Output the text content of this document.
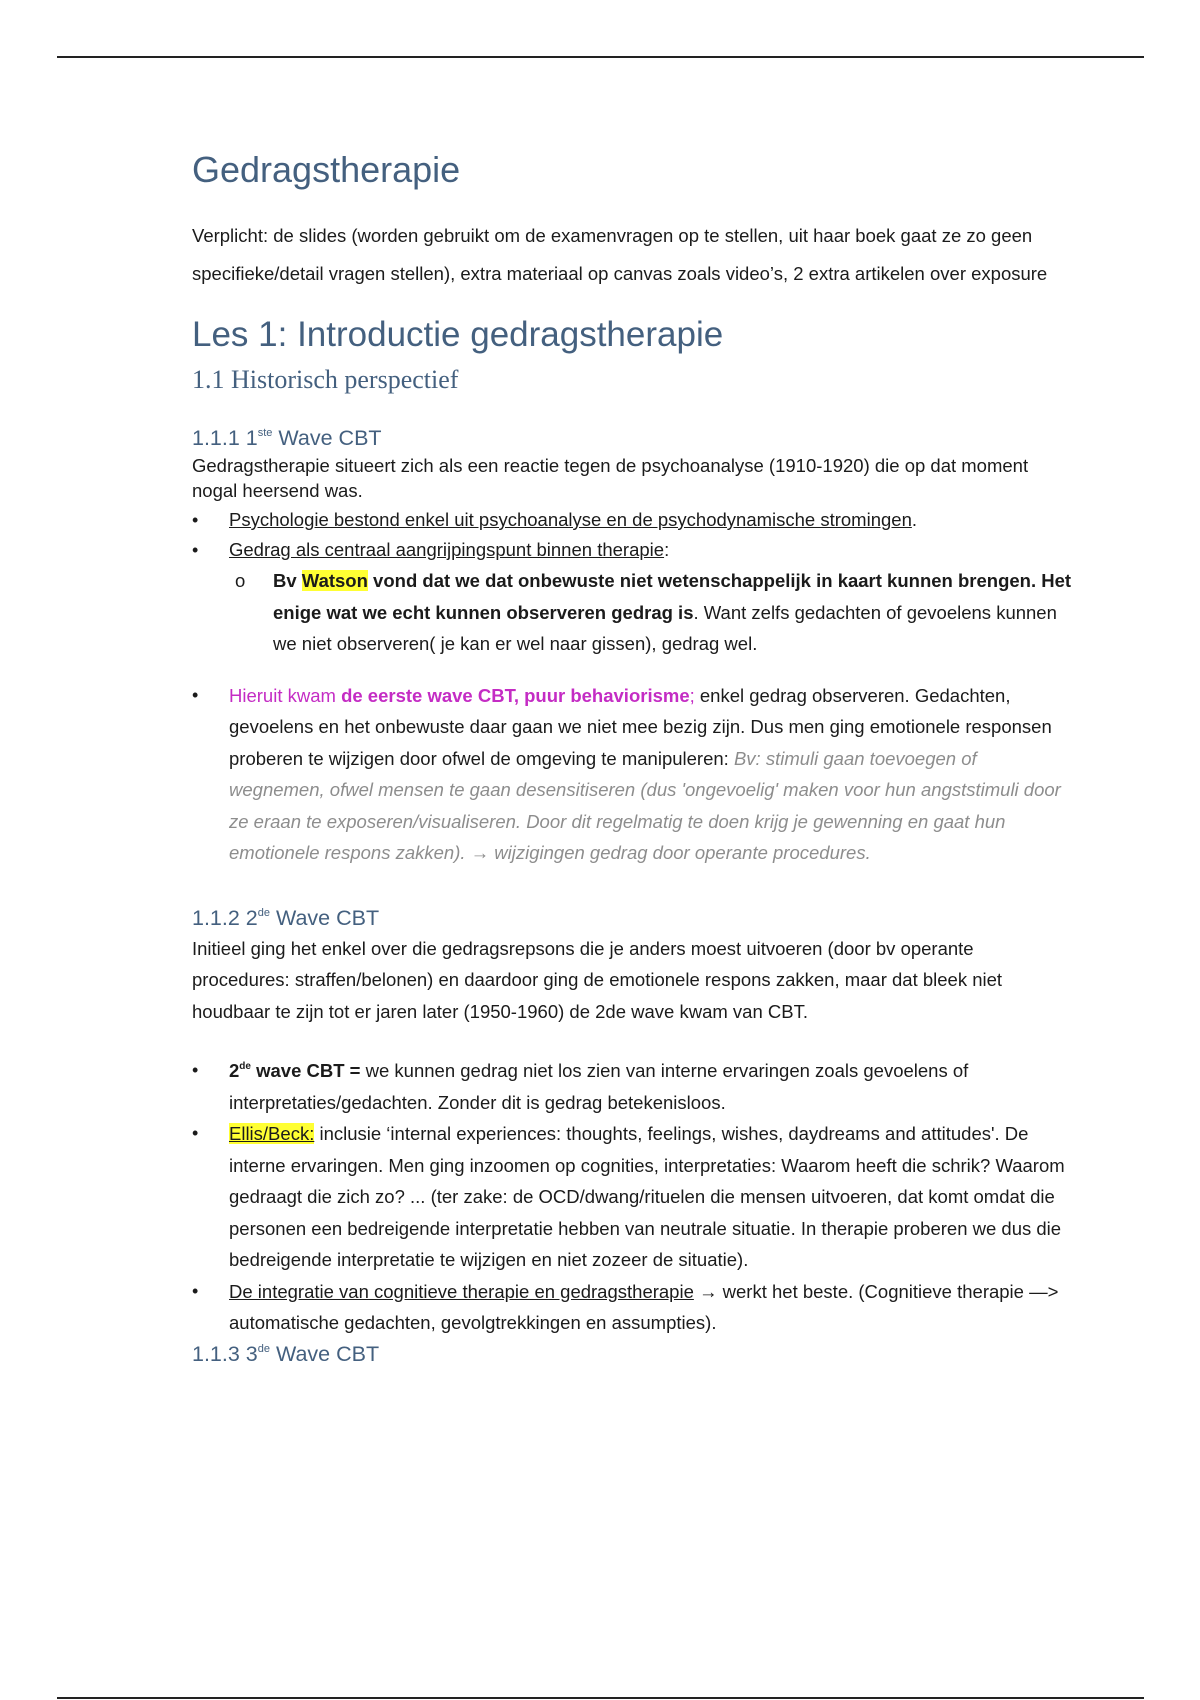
Gedragstherapie

Verplicht: de slides (worden gebruikt om de examenvragen op te stellen, uit haar boek gaat ze zo geen specifieke/detail vragen stellen), extra materiaal op canvas zoals video’s, 2 extra artikelen over exposure

Les 1: Introductie gedragstherapie
1.1 Historisch perspectief
1.1.1 1ste Wave CBT

Gedragstherapie situeert zich als een reactie tegen de psychoanalyse (1910-1920) die op dat moment nogal heersend was.

• Psychologie bestond enkel uit psychoanalyse en de psychodynamische stromingen.
• Gedrag als centraal aangrijpingspunt binnen therapie:
o Bv Watson vond dat we dat onbewuste niet wetenschappelijk in kaart kunnen brengen. Het enige wat we echt kunnen observeren gedrag is. Want zelfs gedachten of gevoelens kunnen we niet observeren( je kan er wel naar gissen), gedrag wel.
• Hieruit kwam de eerste wave CBT, puur behaviorisme; enkel gedrag observeren. Gedachten, gevoelens en het onbewuste daar gaan we niet mee bezig zijn. Dus men ging emotionele responsen proberen te wijzigen door ofwel de omgeving te manipuleren: Bv: stimuli gaan toevoegen of wegnemen, ofwel mensen te gaan desensitiseren (dus 'ongevoelig' maken voor hun angststimuli door ze eraan te exposeren/visualiseren. Door dit regelmatig te doen krijg je gewenning en gaat hun emotionele respons zakken). → wijzigingen gedrag door operante procedures.
1.1.2 2de Wave CBT

Initieel ging het enkel over die gedragsrepsons die je anders moest uitvoeren (door bv operante procedures: straffen/belonen) en daardoor ging de emotionele respons zakken, maar dat bleek niet houdbaar te zijn tot er jaren later (1950-1960) de 2de wave kwam van CBT.

• 2de wave CBT = we kunnen gedrag niet los zien van interne ervaringen zoals gevoelens of interpretaties/gedachten. Zonder dit is gedrag betekenisloos.
• Ellis/Beck: inclusie ‘internal experiences: thoughts, feelings, wishes, daydreams and attitudes'. De interne ervaringen. Men ging inzoomen op cognities, interpretaties: Waarom heeft die schrik? Waarom gedraagt die zich zo? ... (ter zake: de OCD/dwang/rituelen die mensen uitvoeren, dat komt omdat die personen een bedreigende interpretatie hebben van neutrale situatie. In therapie proberen we dus die bedreigende interpretatie te wijzigen en niet zozeer de situatie).
• De integratie van cognitieve therapie en gedragstherapie → werkt het beste. (Cognitieve therapie —> automatische gedachten, gevolgtrekkingen en assumpties).
1.1.3 3de Wave CBT
